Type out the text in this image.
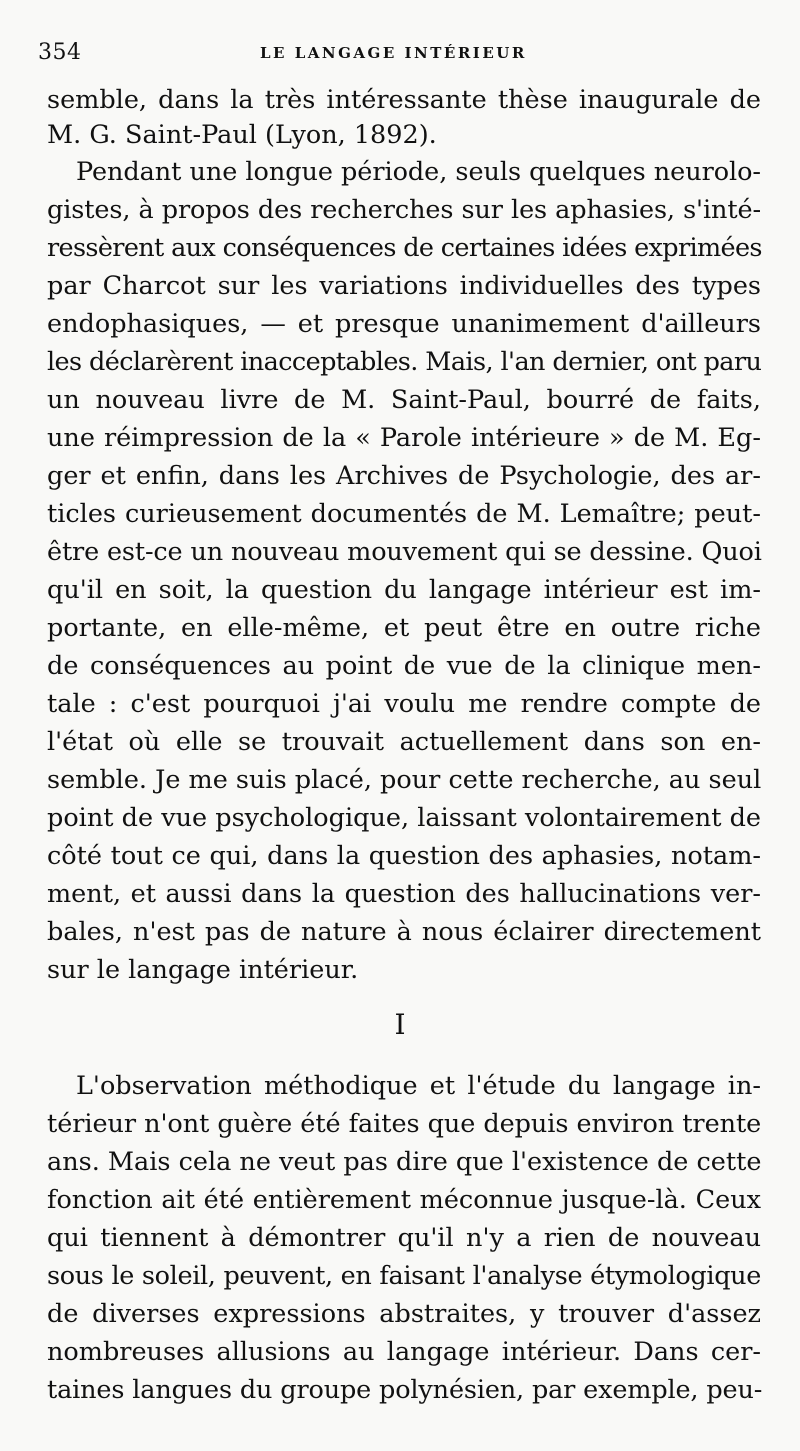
354	LE LANGAGE INTÉRIEUR
semble, dans la très intéressante thèse inaugurale de
M. G. Saint-Paul (Lyon, 1892).
Pendant une longue période, seuls quelques neurolo-
gistes, à propos des recherches sur les aphasies, s'inté-
ressèrent aux conséquences de certaines idées exprimées
par Charcot sur les variations individuelles des types
endophasiques, — et presque unanimement d'ailleurs
les déclarèrent inacceptables. Mais, l'an dernier, ont paru
un nouveau livre de M. Saint-Paul, bourré de faits,
une réimpression de la « Parole intérieure » de M. Eg-
ger et enfin, dans les Archives de Psychologie, des ar-
ticles curieusement documentés de M. Lemaître; peut-
être est-ce un nouveau mouvement qui se dessine. Quoi
qu'il en soit, la question du langage intérieur est im-
portante, en elle-même, et peut être en outre riche
de conséquences au point de vue de la clinique men-
tale : c'est pourquoi j'ai voulu me rendre compte de
l'état où elle se trouvait actuellement dans son en-
semble. Je me suis placé, pour cette recherche, au seul
point de vue psychologique, laissant volontairement de
côté tout ce qui, dans la question des aphasies, notam-
ment, et aussi dans la question des hallucinations ver-
bales, n'est pas de nature à nous éclairer directement
sur le langage intérieur.
I
L'observation méthodique et l'étude du langage in-
térieur n'ont guère été faites que depuis environ trente
ans. Mais cela ne veut pas dire que l'existence de cette
fonction ait été entièrement méconnue jusque-là. Ceux
qui tiennent à démontrer qu'il n'y a rien de nouveau
sous le soleil, peuvent, en faisant l'analyse étymologique
de diverses expressions abstraites, y trouver d'assez
nombreuses allusions au langage intérieur. Dans cer-
taines langues du groupe polynésien, par exemple, peu-
